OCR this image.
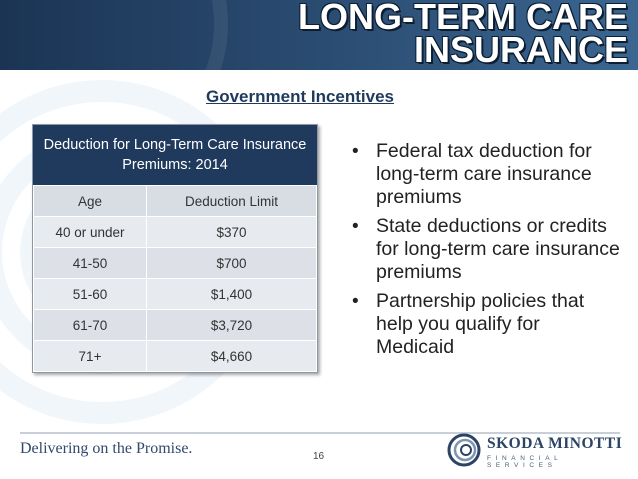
LONG-TERM CARE INSURANCE
Government Incentives
Deduction for Long-Term Care Insurance Premiums: 2014
Age	Deduction Limit
40 or under	$370
41-50	$700
51-60	$1,400
61-70	$3,720
71+	$4,660
• Federal tax deduction for long-term care insurance premiums
• State deductions or credits for long-term care insurance premiums
• Partnership policies that help you qualify for Medicaid
Delivering on the Promise.	16
SKODA MINOTTI
FINANCIAL SERVICES
